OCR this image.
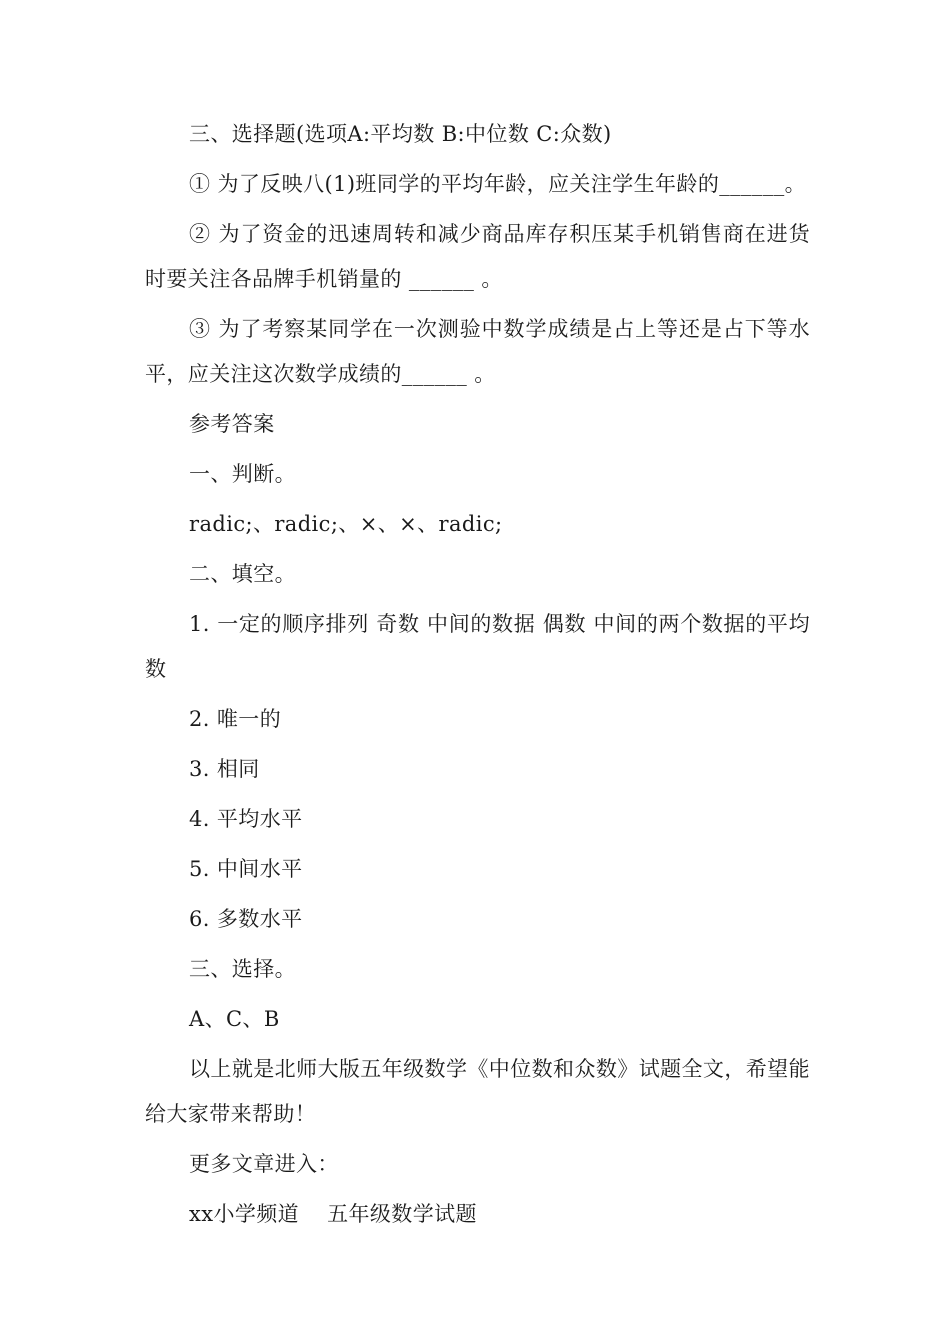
三、选择题(选项A:平均数 B:中位数 C:众数)

① 为了反映八(1)班同学的平均年龄，应关注学生年龄的______。

② 为了资金的迅速周转和减少商品库存积压某手机销售商在进货时要关注各品牌手机销量的 ______ 。

③ 为了考察某同学在一次测验中数学成绩是占上等还是占下等水平，应关注这次数学成绩的______ 。

参考答案

一、判断。

radic;、radic;、×、×、radic;

二、填空。

1. 一定的顺序排列 奇数 中间的数据 偶数 中间的两个数据的平均数

2. 唯一的

3. 相同

4. 平均水平

5. 中间水平

6. 多数水平

三、选择。

A、C、B

以上就是北师大版五年级数学《中位数和众数》试题全文，希望能给大家带来帮助！

更多文章进入：

xx小学频道 五年级数学试题
